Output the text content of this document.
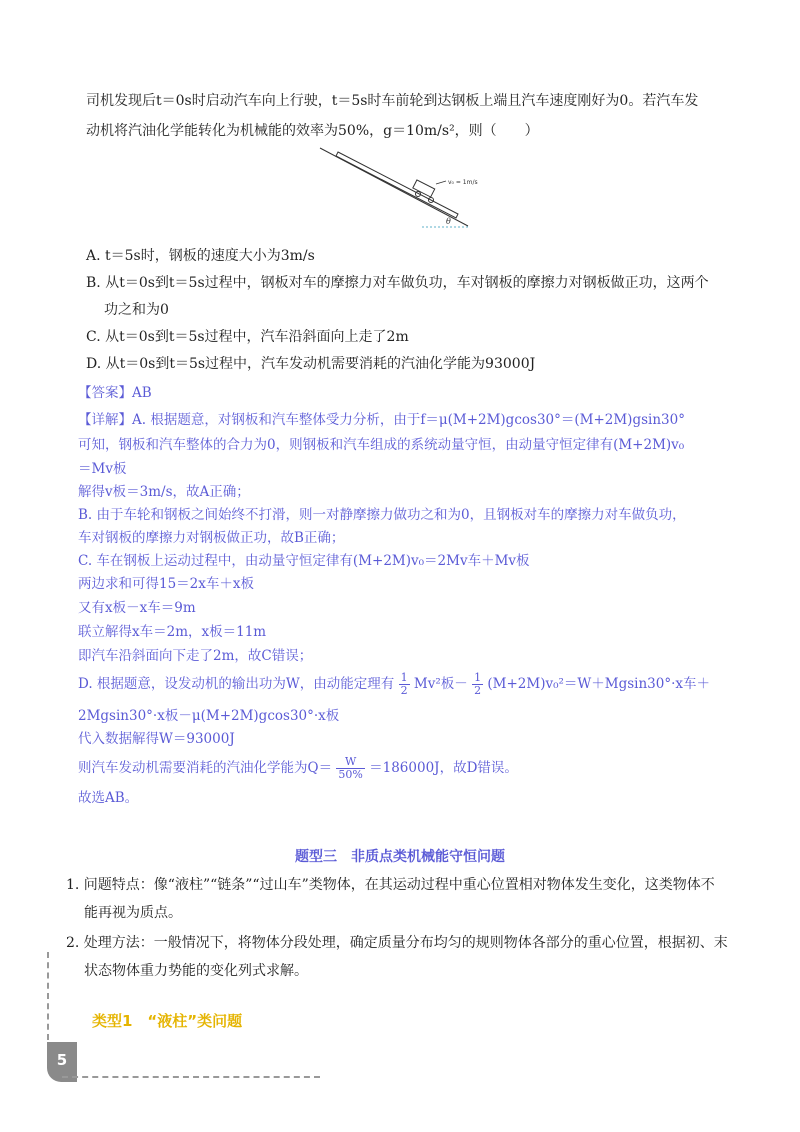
司机发现后t＝0s时启动汽车向上行驶，t＝5s时车前轮到达钢板上端且汽车速度刚好为0。若汽车发
动机将汽油化学能转化为机械能的效率为50%，g＝10m/s²，则（　　）
v₀ = 1m/s
θ
A. t＝5s时，钢板的速度大小为3m/s
B. 从t＝0s到t＝5s过程中，钢板对车的摩擦力对车做负功，车对钢板的摩擦力对钢板做正功，这两个
功之和为0
C. 从t＝0s到t＝5s过程中，汽车沿斜面向上走了2m
D. 从t＝0s到t＝5s过程中，汽车发动机需要消耗的汽油化学能为93000J
【答案】AB
【详解】A. 根据题意，对钢板和汽车整体受力分析，由于f＝μ(M+2M)gcos30°＝(M+2M)gsin30°
可知，钢板和汽车整体的合力为0，则钢板和汽车组成的系统动量守恒，由动量守恒定律有(M+2M)v₀
＝Mv板
解得v板＝3m/s，故A正确；
B. 由于车轮和钢板之间始终不打滑，则一对静摩擦力做功之和为0，且钢板对车的摩擦力对车做负功，
车对钢板的摩擦力对钢板做正功，故B正确；
C. 车在钢板上运动过程中，由动量守恒定律有(M+2M)v₀＝2Mv车＋Mv板
两边求和可得15＝2x车＋x板
又有x板－x车＝9m
联立解得x车＝2m，x板＝11m
即汽车沿斜面向下走了2m，故C错误；
D. 根据题意，设发动机的输出功为W，由动能定理有 $\frac{1}{2} Mv^2$板－ $\frac{1}{2} (M+2M)v_0^2=W+Mgsin30^\circ\cdot x$车＋
2Mgsin30°·x板－μ(M+2M)gcos30°·x板
代入数据解得W＝93000J
则汽车发动机需要消耗的汽油化学能为$Q= \frac{W}{50\%} =186000J$，故D错误。
故选AB。
题型三　非质点类机械能守恒问题
1. 问题特点：像“液柱”“链条”“过山车”类物体，在其运动过程中重心位置相对物体发生变化，这类物体不
能再视为质点。
2. 处理方法：一般情况下，将物体分段处理，确定质量分布均匀的规则物体各部分的重心位置，根据初、末
状态物体重力势能的变化列式求解。
类型1　“液柱”类问题
5
